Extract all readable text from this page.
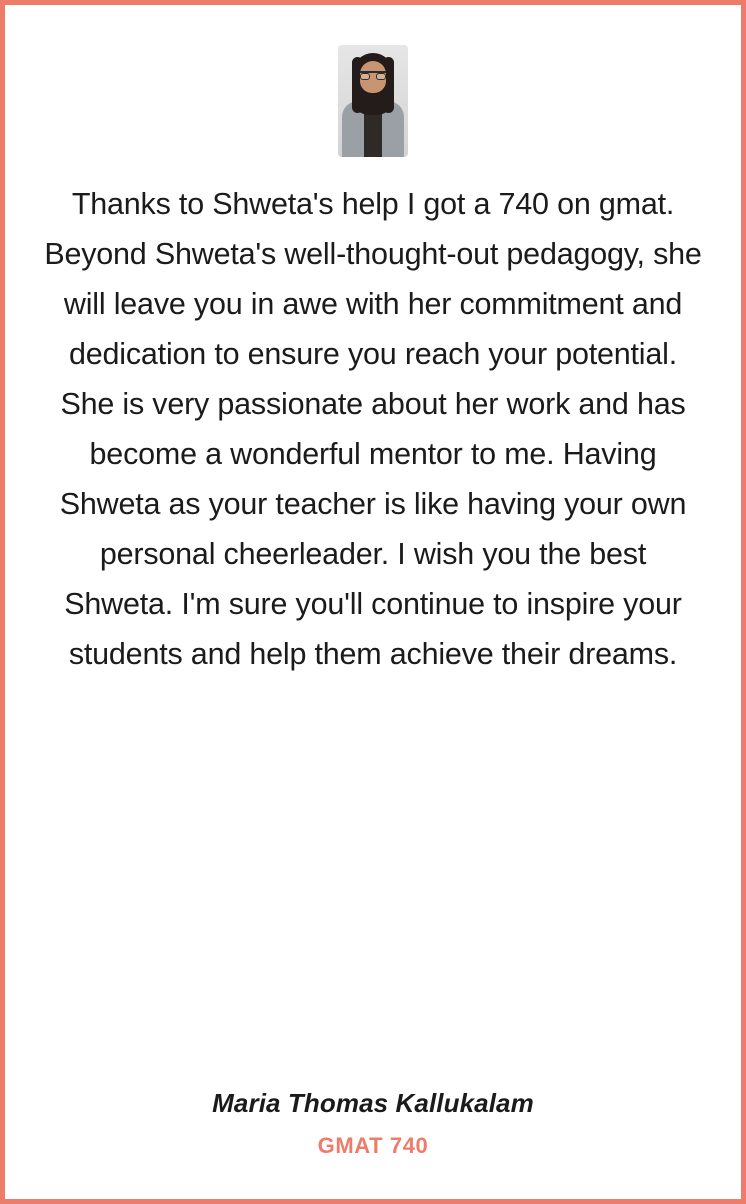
Thanks to Shweta's help I got a 740 on gmat. Beyond Shweta's well-thought-out pedagogy, she will leave you in awe with her commitment and dedication to ensure you reach your potential. She is very passionate about her work and has become a wonderful mentor to me. Having Shweta as your teacher is like having your own personal cheerleader. I wish you the best Shweta. I'm sure you'll continue to inspire your students and help them achieve their dreams.

Maria Thomas Kallukalam
GMAT 740
